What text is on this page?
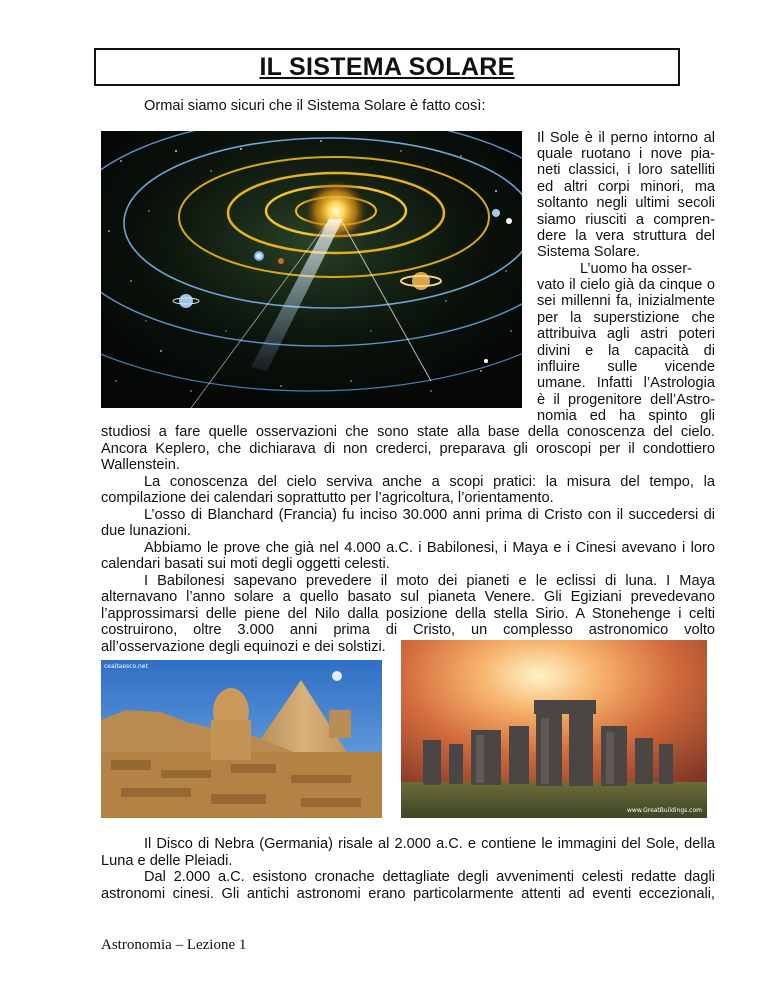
IL SISTEMA SOLARE
Ormai siamo sicuri che il Sistema Solare è fatto così:
Il Sole è il perno intorno al
quale ruotano i nove pia-
neti classici, i loro satelliti
ed altri corpi minori, ma
soltanto negli ultimi secoli
siamo riusciti a compren-
dere la vera struttura del
Sistema Solare.
L’uomo ha osser-
vato il cielo già da cinque o
sei millenni fa, inizialmente
per la superstizione che
attribuiva agli astri poteri
divini e la capacità di
influire sulle vicende
umane. Infatti l’Astrologia
è il progenitore dell’Astro-
nomia ed ha spinto gli
studiosi a fare quelle osservazioni che sono state alla base della conoscenza del cielo.
Ancora Keplero, che dichiarava di non crederci, preparava gli oroscopi per il condottiero
Wallenstein.
La conoscenza del cielo serviva anche a scopi pratici: la misura del tempo, la
compilazione dei calendari soprattutto per l’agricoltura, l’orientamento.
L’osso di Blanchard (Francia) fu inciso 30.000 anni prima di Cristo con il succedersi di
due lunazioni.
Abbiamo le prove che già nel 4.000 a.C. i Babilonesi, i Maya e i Cinesi avevano i loro
calendari basati sui moti degli oggetti celesti.
I Babilonesi sapevano prevedere il moto dei pianeti e le eclissi di luna. I Maya
alternavano l’anno solare a quello basato sul pianeta Venere. Gli Egiziani prevedevano
l’approssimarsi delle piene del Nilo dalla posizione della stella Sirio. A Stonehenge i celti
costruirono, oltre 3.000 anni prima di Cristo, un complesso astronomico volto
all’osservazione degli equinozi e dei solstizi.
ceaitaesco.net
www.GreatBuildings.com
Il Disco di Nebra (Germania) risale al 2.000 a.C. e contiene le immagini del Sole, della
Luna e delle Pleiadi.
Dal 2.000 a.C. esistono cronache dettagliate degli avvenimenti celesti redatte dagli
astronomi cinesi. Gli antichi astronomi erano particolarmente attenti ad eventi eccezionali,
Astronomia – Lezione 1
